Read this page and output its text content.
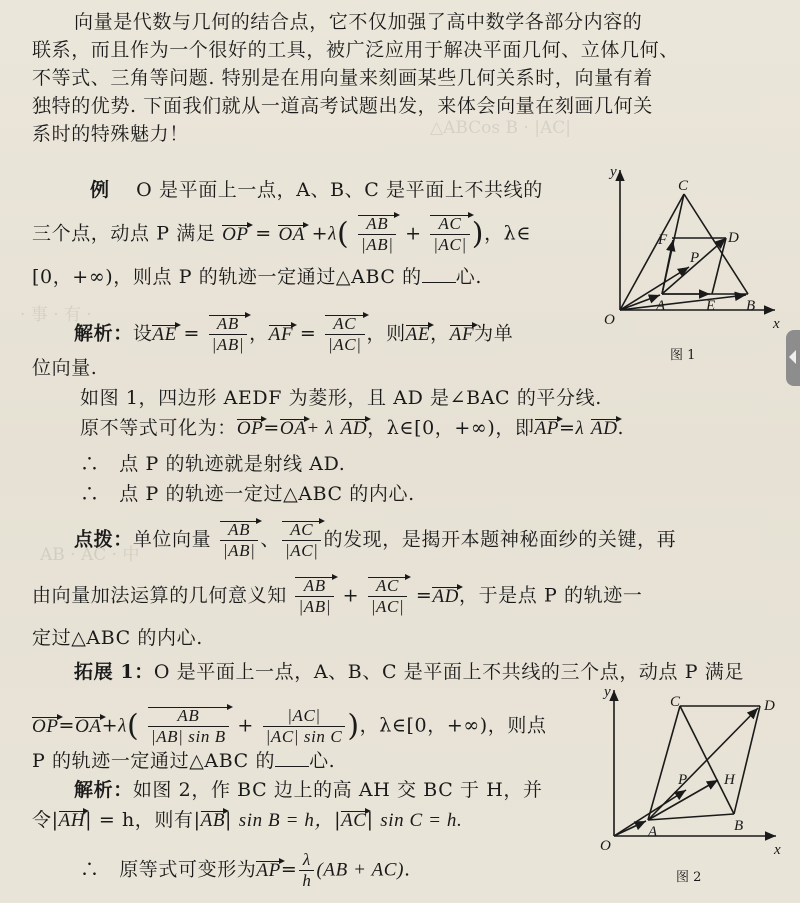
△ABCos B · |AC|
· 事 · 有 ·
AB · AC · 中
向量是代数与几何的结合点，它不仅加强了高中数学各部分内容的
联系，而且作为一个很好的工具，被广泛应用于解决平面几何、立体几何、
不等式、三角等问题. 特别是在用向量来刻画某些几何关系时，向量有着
独特的优势. 下面我们就从一道高考试题出发，来体会向量在刻画几何关
系时的特殊魅力！
例 O 是平面上一点，A、B、C 是平面上不共线的
三个点，动点 P 满足 OP = OA $+\lambda( \frac{AB}{|AB|} + \frac{AC}{|AC|}$ )，λ∈
[0，+∞)，则点 P 的轨迹一定通过△ABC 的 心.
解析：设AE = $\frac{AB}{|AB|}$ ，AF = $\frac{AC}{|AC|}$ ，则AE，AF为单
位向量.
如图 1，四边形 AEDF 为菱形，且 AD 是∠BAC 的平分线.
原不等式可化为：OP=OA+ λ AD，λ∈[0，+∞)，即AP=λ AD.
∴　点 P 的轨迹就是射线 AD.
∴　点 P 的轨迹一定过△ABC 的内心.
点拨：单位向量 $\frac{AB}{|AB|}$ 、 $\frac{AC}{|AC|}$ 的发现，是揭开本题神秘面纱的关键，再
由向量加法运算的几何意义知 $\frac{AB}{|AB|} + \frac{AC}{|AC|} =AD$，于是点 P 的轨迹一
定过△ABC 的内心.
拓展 1：O 是平面上一点，A、B、C 是平面上不共线的三个点，动点 P 满足
$OP=OA+\lambda( \frac{AB}{\text{|AB| sin B}} + \frac{|AC|}{\text{|AC| sin C}}$ )，λ∈[0，+∞)，则点
P 的轨迹一定通过△ABC 的 心.
解析：如图 2，作 BC 边上的高 AH 交 BC 于 H，并
令|AH| = h，则有|AB| sin B = h，|AC| sin C = h.
∴　原等式可变形为$AP= \frac{\lambda}{h} (AB + AC)$.
y
x
O
C
F	D
P
A	E B
图 1
y
x
O
C	D
P H
A	B
图 2
